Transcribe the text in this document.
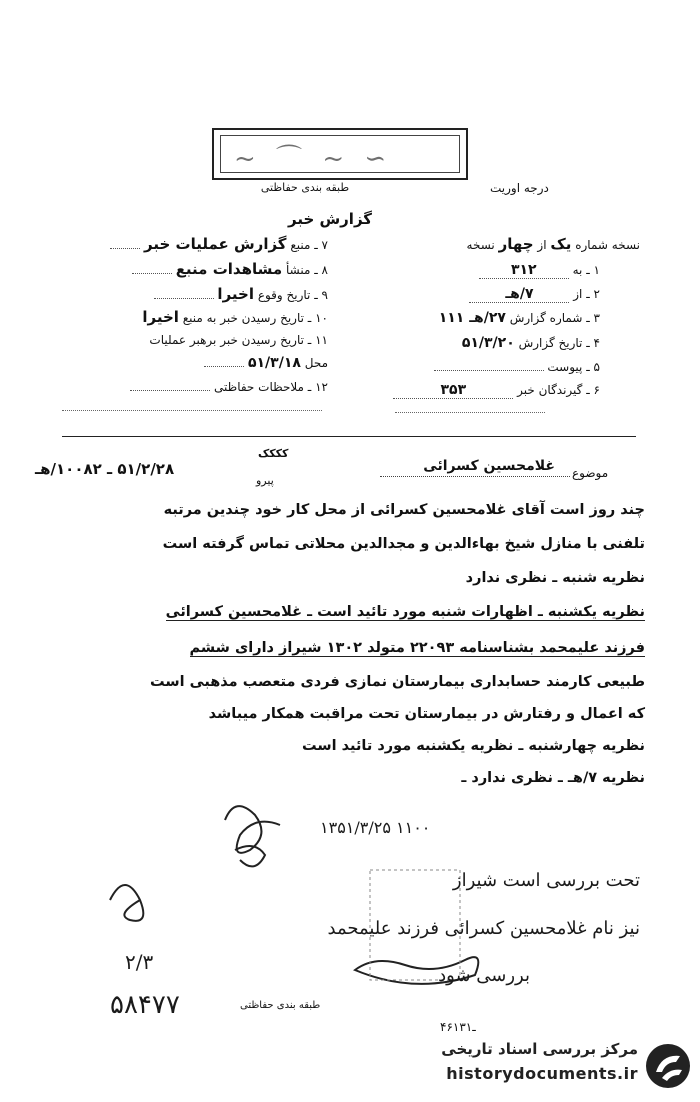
~ ⌒ ~ ∽
طبقه بندی حفاظتی	درجه اوریت
گزارش خبر
نسخه شماره یک از چهار نسخه
۱ ـ به ۳۱۲
۲ ـ از ۷/هـ
۳ ـ شماره گزارش ۲۷/هـ ۱۱۱
۴ ـ تاریخ گزارش ۵۱/۳/۲۰
۵ ـ پیوست
۶ ـ گیرندگان خبر ۳۵۳
۷ ـ منبع گزارش عملیات خبر
۸ ـ منشأ مشاهدات منبع
۹ ـ تاریخ وقوع اخیرا
۱۰ ـ تاریخ رسیدن خبر به منبع اخیرا
۱۱ ـ تاریخ رسیدن خبر برهبر عملیات
محل ۵۱/۳/۱۸
۱۲ ـ ملاحظات حفاظتی
موضوع
غلامحسین کسرائی
کککک
پیرو
۵۱/۲/۲۸ ـ ۱۰۰۸۲/هـ
چند روز است آقای غلامحسین کسرائی از محل کار خود چندین مرتبه
تلفنی با منازل شیخ بهاءالدین و مجدالدین محلاتی تماس گرفته است
نظریه شنبه ـ نظری ندارد
نظریه یکشنبه ـ اظهارات شنبه مورد تائید است ـ غلامحسین کسرائی
فرزند علیمحمد بشناسنامه ۲۲۰۹۳ متولد ۱۳۰۲ شیراز دارای ششم
طبیعی کارمند حسابداری بیمارستان نمازی فردی متعصب مذهبی است
که اعمال و رفتارش در بیمارستان تحت مراقبت همکار میباشد
نظریه چهارشنبه ـ نظریه یکشنبه مورد تائید است
نظریه ۷/هـ ـ نظری ندارد ـ
۱۳۵۱/۳/۲۵ ۱۱۰۰
تحت بررسی است شیراز
نیز نام غلامحسین کسرائی فرزند علیمحمد
بررسی شود
۲/۳
۵۸۴۷۷	طبقه بندی حفاظتی
۴۶ـ۱۳۱
مرکز بررسی اسناد تاریخی
historydocuments.ir
